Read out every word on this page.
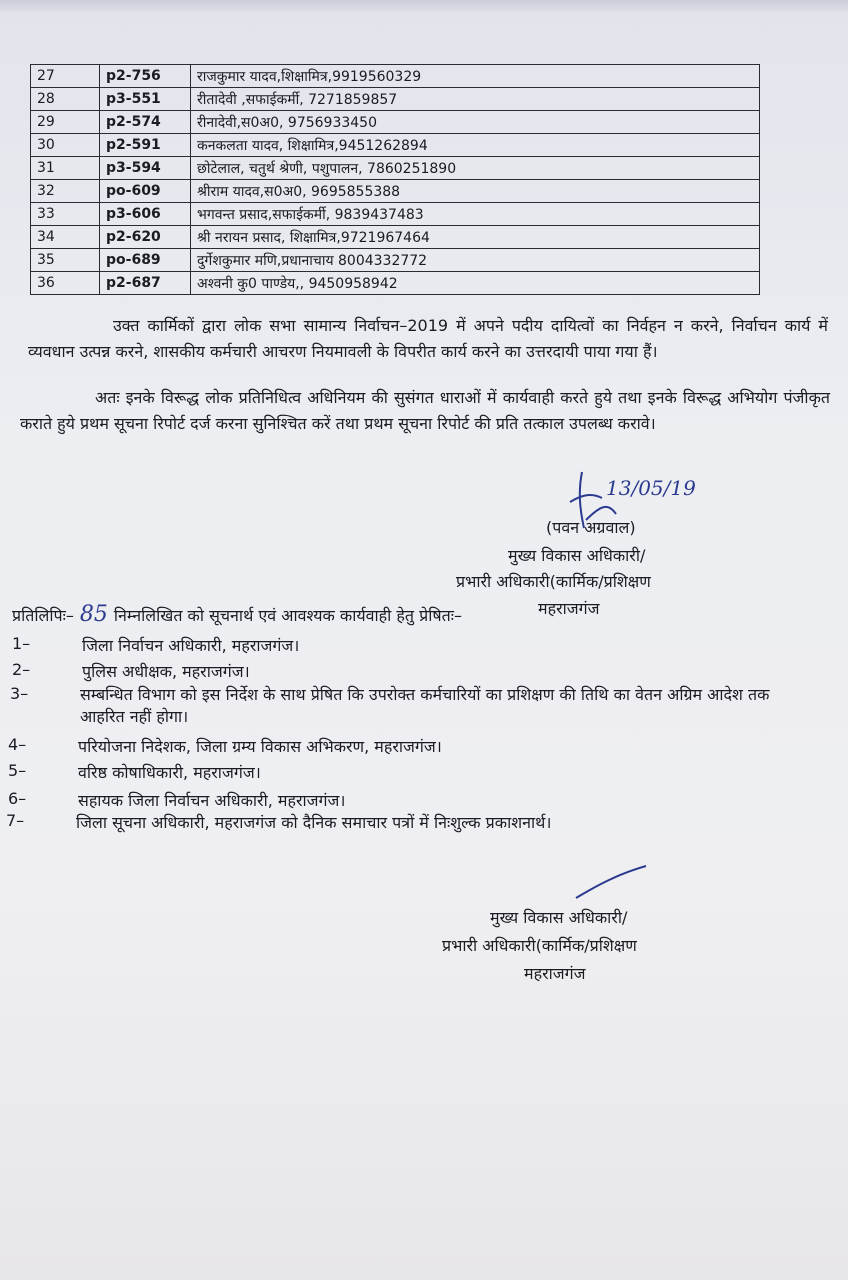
27	p2-756	राजकुमार यादव,शिक्षामित्र,9919560329
28	p3-551	रीतादेवी ,सफाईकर्मी, 7271859857
29	p2-574	रीनादेवी,स0अ0, 9756933450
30	p2-591	कनकलता यादव, शिक्षामित्र,9451262894
31	p3-594	छोटेलाल, चतुर्थ श्रेणी, पशुपालन, 7860251890
32	po-609	श्रीराम यादव,स0अ0, 9695855388
33	p3-606	भगवन्त प्रसाद,सफाईकर्मी, 9839437483
34	p2-620	श्री नरायन प्रसाद, शिक्षामित्र,9721967464
35	po-689	दुर्गेशकुमार मणि,प्रधानाचाय 8004332772
36	p2-687	अश्वनी कु0 पाण्डेय,, 9450958942

उक्त कार्मिकों द्वारा लोक सभा सामान्य निर्वाचन–2019 में अपने पदीय दायित्वों का निर्वहन न करने, निर्वाचन कार्य में व्यवधान उत्पन्न करने, शासकीय कर्मचारी आचरण नियमावली के विपरीत कार्य करने का उत्तरदायी पाया गया हैं।

अतः इनके विरूद्ध लोक प्रतिनिधित्व अधिनियम की सुसंगत धाराओं में कार्यवाही करते हुये तथा इनके विरूद्ध अभियोग पंजीकृत कराते हुये प्रथम सूचना रिपोर्ट दर्ज करना सुनिश्चित करें तथा प्रथम सूचना रिपोर्ट की प्रति तत्काल उपलब्ध करावे।

13/05/19
(पवन अग्रवाल)
मुख्य विकास अधिकारी/
प्रभारी अधिकारी(कार्मिक/प्रशिक्षण
महराजगंज
प्रतिलिपिः– 85 निम्नलिखित को सूचनार्थ एवं आवश्यक कार्यवाही हेतु प्रेषितः–
1–	जिला निर्वाचन अधिकारी, महराजगंज।
2–	पुलिस अधीक्षक, महराजगंज।
3–	सम्बन्धित विभाग को इस निर्देश के साथ प्रेषित कि उपरोक्त कर्मचारियों का प्रशिक्षण की तिथि का वेतन अग्रिम आदेश तक आहरित नहीं होगा।
4–	परियोजना निदेशक, जिला ग्रम्य विकास अभिकरण, महराजगंज।
5–	वरिष्ठ कोषाधिकारी, महराजगंज।
6–	सहायक जिला निर्वाचन अधिकारी, महराजगंज।
7–	जिला सूचना अधिकारी, महराजगंज को दैनिक समाचार पत्रों में निःशुल्क प्रकाशनार्थ।
मुख्य विकास अधिकारी/
प्रभारी अधिकारी(कार्मिक/प्रशिक्षण
महराजगंज
